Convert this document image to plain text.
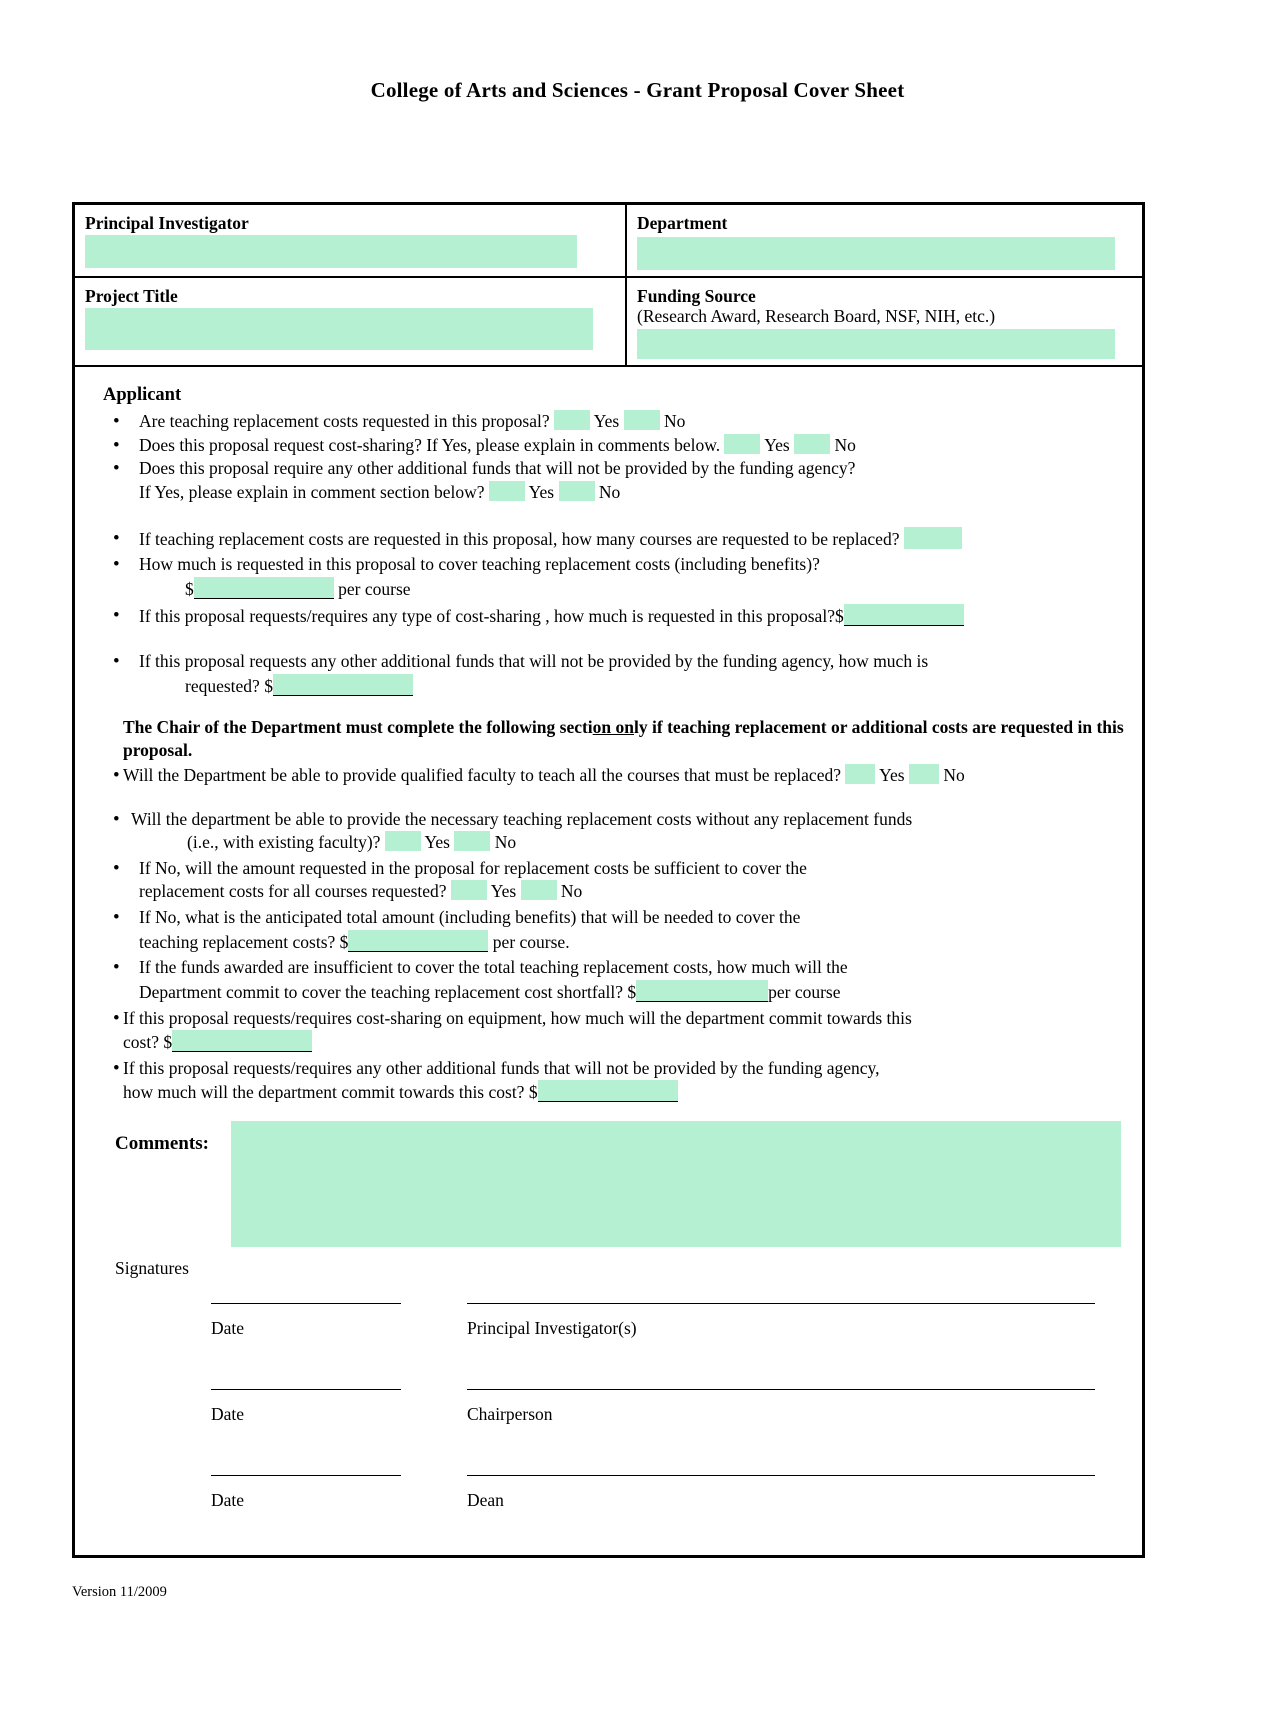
College of Arts and Sciences - Grant Proposal Cover Sheet
Principal Investigator	Department
Project Title	Funding Source
(Research Award, Research Board, NSF, NIH, etc.)
Applicant
• Are teaching replacement costs requested in this proposal?	Yes	No
• Does this proposal request cost-sharing? If Yes, please explain in comments below.	Yes	No
• Does this proposal require any other additional funds that will not be provided by the funding agency?
If Yes, please explain in comment section below?	Yes	No
• If teaching replacement costs are requested in this proposal, how many courses are requested to be replaced?
• How much is requested in this proposal to cover teaching replacement costs (including benefits)?
$	per course
• If this proposal requests/requires any type of cost-sharing , how much is requested in this proposal?$
• If this proposal requests any other additional funds that will not be provided by the funding agency, how much is
requested? $
The Chair of the Department must complete the following section only if teaching replacement or additional costs are requested in this proposal.
• Will the Department be able to provide qualified faculty to teach all the courses that must be replaced? Yes No
• Will the department be able to provide the necessary teaching replacement costs without any replacement funds
(i.e., with existing faculty)?	Yes	No
• If No, will the amount requested in the proposal for replacement costs be sufficient to cover the
replacement costs for all courses requested?	Yes	No
• If No, what is the anticipated total amount (including benefits) that will be needed to cover the
teaching replacement costs? $	per course.
• If the funds awarded are insufficient to cover the total teaching replacement costs, how much will the
Department commit to cover the teaching replacement cost shortfall? $	per course
• If this proposal requests/requires cost-sharing on equipment, how much will the department commit towards this
cost? $
• If this proposal requests/requires any other additional funds that will not be provided by the funding agency,
how much will the department commit towards this cost? $
Comments:
Signatures
Date	Principal Investigator(s)
Date	Chairperson
Date	Dean
Version 11/2009
